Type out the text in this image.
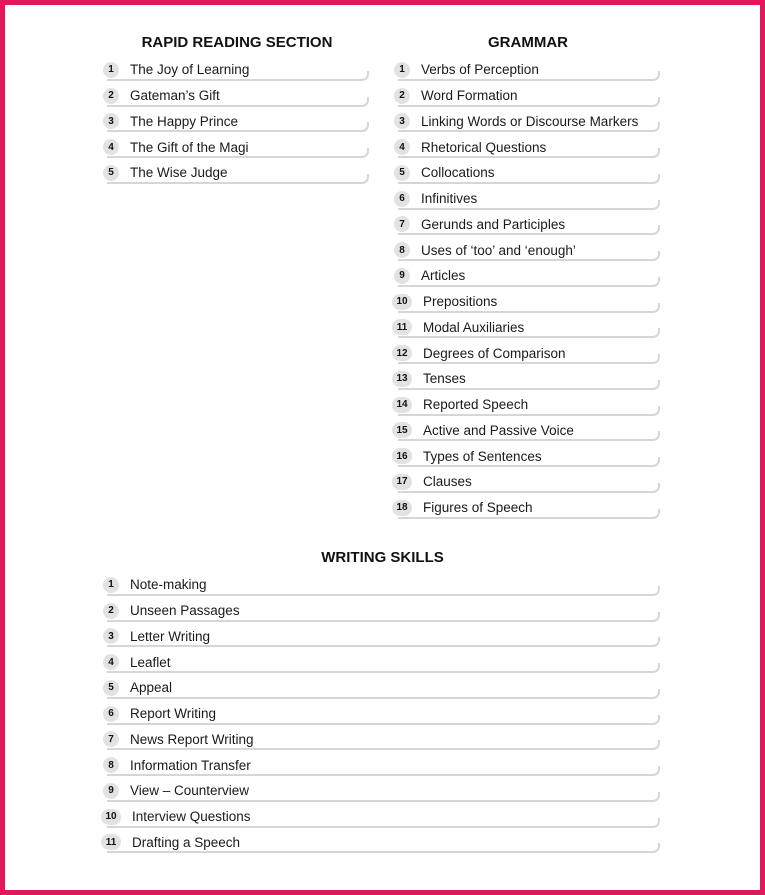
RAPID READING SECTION
1	The Joy of Learning
2	Gateman’s Gift
3	The Happy Prince
4	The Gift of the Magi
5	The Wise Judge
GRAMMAR
1	Verbs of Perception
2	Word Formation
3	Linking Words or Discourse Markers
4	Rhetorical Questions
5	Collocations
6	Infinitives
7	Gerunds and Participles
8	Uses of ‘too’ and ‘enough’
9	Articles
10	Prepositions
11	Modal Auxiliaries
12	Degrees of Comparison
13	Tenses
14	Reported Speech
15	Active and Passive Voice
16	Types of Sentences
17	Clauses
18	Figures of Speech
WRITING SKILLS
1	Note-making
2	Unseen Passages
3	Letter Writing
4	Leaflet
5	Appeal
6	Report Writing
7	News Report Writing
8	Information Transfer
9	View – Counterview
10	Interview Questions
11	Drafting a Speech
